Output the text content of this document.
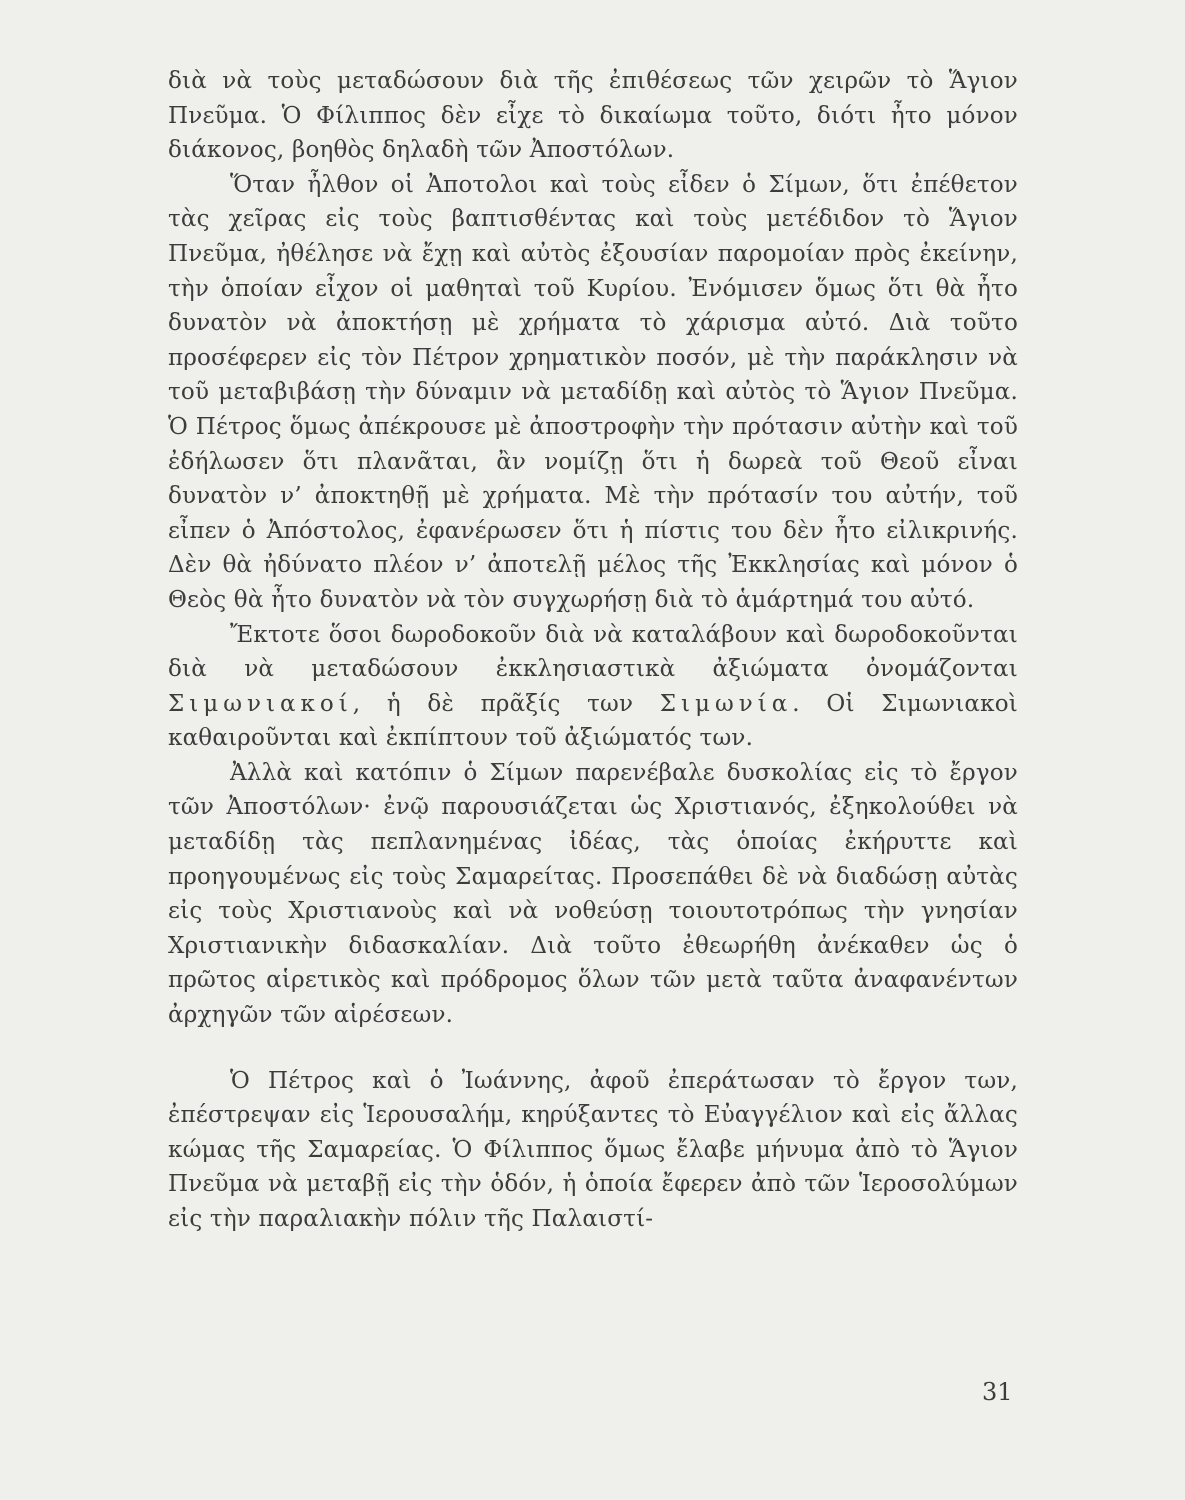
διὰ νὰ τοὺς μεταδώσουν διὰ τῆς ἐπιθέσεως τῶν χειρῶν τὸ Ἅγιον Πνεῦμα. Ὁ Φίλιππος δὲν εἶχε τὸ δικαίωμα τοῦτο, διότι ἦτο μόνον διάκονος, βοηθὸς δηλαδὴ τῶν Ἀποστόλων.

Ὅταν ἦλθον οἱ Ἀποτολοι καὶ τοὺς εἶδεν ὁ Σίμων, ὅτι ἐπέθετον τὰς χεῖρας εἰς τοὺς βαπτισθέντας καὶ τοὺς μετέδιδον τὸ Ἅγιον Πνεῦμα, ἠθέλησε νὰ ἔχῃ καὶ αὐτὸς ἐξουσίαν παρομοίαν πρὸς ἐκείνην, τὴν ὁποίαν εἶχον οἱ μαθηταὶ τοῦ Κυρίου. Ἐνόμισεν ὅμως ὅτι θὰ ἦτο δυνατὸν νὰ ἀποκτήσῃ μὲ χρήματα τὸ χάρισμα αὐτό. Διὰ τοῦτο προσέφερεν εἰς τὸν Πέτρον χρηματικὸν ποσόν, μὲ τὴν παράκλησιν νὰ τοῦ μεταβιβάσῃ τὴν δύναμιν νὰ μεταδίδῃ καὶ αὐτὸς τὸ Ἅγιον Πνεῦμα. Ὁ Πέτρος ὅμως ἀπέκρουσε μὲ ἀποστροφὴν τὴν πρότασιν αὐτὴν καὶ τοῦ ἐδήλωσεν ὅτι πλανᾶται, ἂν νομίζῃ ὅτι ἡ δωρεὰ τοῦ Θεοῦ εἶναι δυνατὸν ν’ ἀποκτηθῇ μὲ χρήματα. Μὲ τὴν πρότασίν του αὐτήν, τοῦ εἶπεν ὁ Ἀπόστολος, ἐφανέρωσεν ὅτι ἡ πίστις του δὲν ἦτο εἰλικρινής. Δὲν θὰ ἠδύνατο πλέον ν’ ἀποτελῇ μέλος τῆς Ἐκκλησίας καὶ μόνον ὁ Θεὸς θὰ ἦτο δυνατὸν νὰ τὸν συγχωρήσῃ διὰ τὸ ἁμάρτημά του αὐτό.

Ἔκτοτε ὅσοι δωροδοκοῦν διὰ νὰ καταλάβουν καὶ δωροδοκοῦνται διὰ νὰ μεταδώσουν ἐκκλησιαστικὰ ἀξιώματα ὀνομάζονται Σιμωνιακοί, ἡ δὲ πρᾶξίς των Σιμωνία. Οἱ Σιμωνιακοὶ καθαιροῦνται καὶ ἐκπίπτουν τοῦ ἀξιώματός των.

Ἀλλὰ καὶ κατόπιν ὁ Σίμων παρενέβαλε δυσκολίας εἰς τὸ ἔργον τῶν Ἀποστόλων· ἐνῷ παρουσιάζεται ὡς Χριστιανός, ἐξηκολούθει νὰ μεταδίδῃ τὰς πεπλανημένας ἰδέας, τὰς ὁποίας ἐκήρυττε καὶ προηγουμένως εἰς τοὺς Σαμαρείτας. Προσεπάθει δὲ νὰ διαδώσῃ αὐτὰς εἰς τοὺς Χριστιανοὺς καὶ νὰ νοθεύσῃ τοιουτοτρόπως τὴν γνησίαν Χριστιανικὴν διδασκαλίαν. Διὰ τοῦτο ἐθεωρήθη ἀνέκαθεν ὡς ὁ πρῶτος αἱρετικὸς καὶ πρόδρομος ὅλων τῶν μετὰ ταῦτα ἀναφανέντων ἀρχηγῶν τῶν αἱρέσεων.

Ὁ Πέτρος καὶ ὁ Ἰωάννης, ἀφοῦ ἐπεράτωσαν τὸ ἔργον των, ἐπέστρεψαν εἰς Ἱερουσαλήμ, κηρύξαντες τὸ Εὐαγγέλιον καὶ εἰς ἄλλας κώμας τῆς Σαμαρείας. Ὁ Φίλιππος ὅμως ἔλαβε μήνυμα ἀπὸ τὸ Ἅγιον Πνεῦμα νὰ μεταβῇ εἰς τὴν ὁδόν, ἡ ὁποία ἔφερεν ἀπὸ τῶν Ἱεροσολύμων εἰς τὴν παραλιακὴν πόλιν τῆς Παλαιστί-

31
